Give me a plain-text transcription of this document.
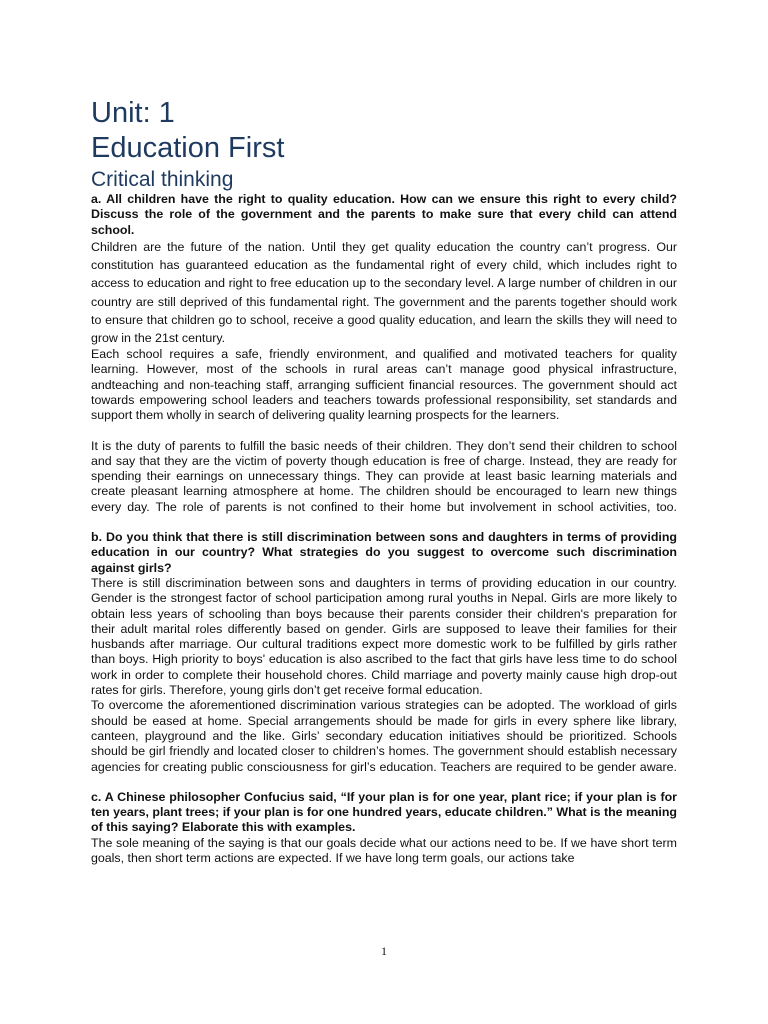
Unit: 1
Education First
Critical thinking

a. All children have the right to quality education. How can we ensure this right to every child? Discuss the role of the government and the parents to make sure that every child can attend school.

Children are the future of the nation. Until they get quality education the country can’t progress. Our constitution has guaranteed education as the fundamental right of every child, which includes right to access to education and right to free education up to the secondary level. A large number of children in our country are still deprived of this fundamental right. The government and the parents together should work to ensure that children go to school, receive a good quality education, and learn the skills they will need to grow in the 21st century.

Each school requires a safe, friendly environment, and qualified and motivated teachers for quality learning. However, most of the schools in rural areas can’t manage good physical infrastructure, andteaching and non-teaching staff, arranging sufficient financial resources. The government should act towards empowering school leaders and teachers towards professional responsibility, set standards and support them wholly in search of delivering quality learning prospects for the learners.

It is the duty of parents to fulfill the basic needs of their children. They don’t send their children to school and say that they are the victim of poverty though education is free of charge. Instead, they are ready for spending their earnings on unnecessary things. They can provide at least basic learning materials and create pleasant learning atmosphere at home. The children should be encouraged to learn new things every day. The role of parents is not confined to their home but involvement in school activities, too.

b. Do you think that there is still discrimination between sons and daughters in terms of providing education in our country? What strategies do you suggest to overcome such discrimination against girls?

There is still discrimination between sons and daughters in terms of providing education in our country. Gender is the strongest factor of school participation among rural youths in Nepal. Girls are more likely to obtain less years of schooling than boys because their parents consider their children's preparation for their adult marital roles differently based on gender. Girls are supposed to leave their families for their husbands after marriage. Our cultural traditions expect more domestic work to be fulfilled by girls rather than boys. High priority to boys' education is also ascribed to the fact that girls have less time to do school work in order to complete their household chores. Child marriage and poverty mainly cause high drop-out rates for girls. Therefore, young girls don’t get receive formal education.

To overcome the aforementioned discrimination various strategies can be adopted. The workload of girls should be eased at home. Special arrangements should be made for girls in every sphere like library, canteen, playground and the like. Girls’ secondary education initiatives should be prioritized. Schools should be girl friendly and located closer to children’s homes. The government should establish necessary agencies for creating public consciousness for girl’s education. Teachers are required to be gender aware.

c. A Chinese philosopher Confucius said, “If your plan is for one year, plant rice; if your plan is for ten years, plant trees; if your plan is for one hundred years, educate children.” What is the meaning of this saying? Elaborate this with examples.

The sole meaning of the saying is that our goals decide what our actions need to be. If we have short term goals, then short term actions are expected. If we have long term goals, our actions take

1
